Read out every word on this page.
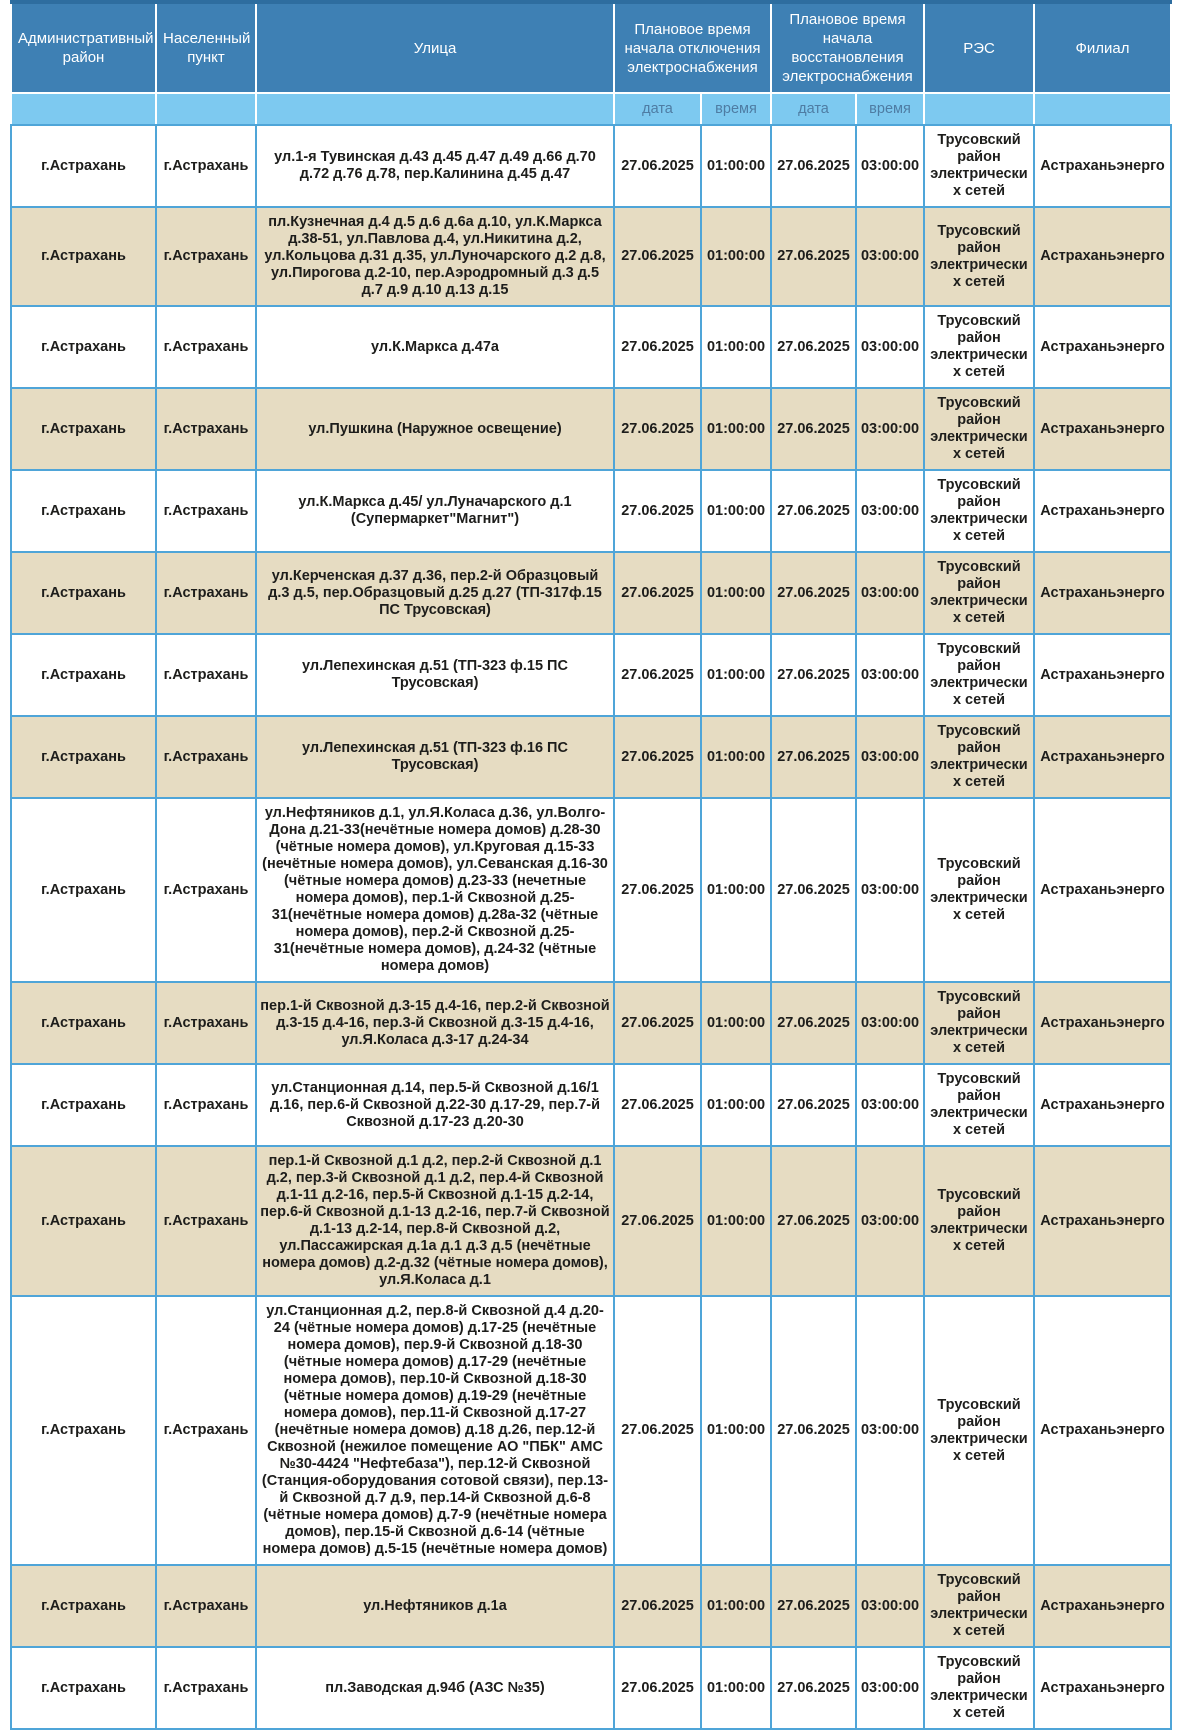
Административный район	Населенный пункт	Улица	Плановое время начала отключения электроснабжения		Плановое время начала восстановления электроснабжения		РЭС	Филиал
			дата	время	дата	время		
г.Астрахань	г.Астрахань	ул.1-я Тувинская д.43 д.45 д.47 д.49 д.66 д.70 д.72 д.76 д.78, пер.Калинина д.45 д.47	27.06.2025	01:00:00	27.06.2025	03:00:00	Трусовский район электрических сетей	Астраханьэнерго
г.Астрахань	г.Астрахань	пл.Кузнечная д.4 д.5 д.6 д.6а д.10, ул.К.Маркса д.38-51, ул.Павлова д.4, ул.Никитина д.2, ул.Кольцова д.31 д.35, ул.Луночарского д.2 д.8, ул.Пирогова д.2-10, пер.Аэродромный д.3 д.5 д.7 д.9 д.10 д.13 д.15	27.06.2025	01:00:00	27.06.2025	03:00:00	Трусовский район электрических сетей	Астраханьэнерго
г.Астрахань	г.Астрахань	ул.К.Маркса д.47а	27.06.2025	01:00:00	27.06.2025	03:00:00	Трусовский район электрических сетей	Астраханьэнерго
г.Астрахань	г.Астрахань	ул.Пушкина (Наружное освещение)	27.06.2025	01:00:00	27.06.2025	03:00:00	Трусовский район электрических сетей	Астраханьэнерго
г.Астрахань	г.Астрахань	ул.К.Маркса д.45/ ул.Луначарского д.1 (Супермаркет"Магнит")	27.06.2025	01:00:00	27.06.2025	03:00:00	Трусовский район электрических сетей	Астраханьэнерго
г.Астрахань	г.Астрахань	ул.Керченская д.37 д.36, пер.2-й Образцовый д.3 д.5, пер.Образцовый д.25 д.27 (ТП-317ф.15 ПС Трусовская)	27.06.2025	01:00:00	27.06.2025	03:00:00	Трусовский район электрических сетей	Астраханьэнерго
г.Астрахань	г.Астрахань	ул.Лепехинская д.51 (ТП-323 ф.15 ПС Трусовская)	27.06.2025	01:00:00	27.06.2025	03:00:00	Трусовский район электрических сетей	Астраханьэнерго
г.Астрахань	г.Астрахань	ул.Лепехинская д.51 (ТП-323 ф.16 ПС Трусовская)	27.06.2025	01:00:00	27.06.2025	03:00:00	Трусовский район электрических сетей	Астраханьэнерго
г.Астрахань	г.Астрахань	ул.Нефтяников д.1, ул.Я.Коласа д.36, ул.Волго-Дона д.21-33(нечётные номера домов) д.28-30 (чётные номера домов), ул.Круговая д.15-33 (нечётные номера домов), ул.Севанская д.16-30 (чётные номера домов) д.23-33 (нечетные номера домов), пер.1-й Сквозной д.25-31(нечётные номера домов) д.28а-32 (чётные номера домов), пер.2-й Сквозной д.25-31(нечётные номера домов), д.24-32 (чётные номера домов)	27.06.2025	01:00:00	27.06.2025	03:00:00	Трусовский район электрических сетей	Астраханьэнерго
г.Астрахань	г.Астрахань	пер.1-й Сквозной д.3-15 д.4-16, пер.2-й Сквозной д.3-15 д.4-16, пер.3-й Сквозной д.3-15 д.4-16, ул.Я.Коласа д.3-17 д.24-34	27.06.2025	01:00:00	27.06.2025	03:00:00	Трусовский район электрических сетей	Астраханьэнерго
г.Астрахань	г.Астрахань	ул.Станционная д.14, пер.5-й Сквозной д.16/1 д.16, пер.6-й Сквозной д.22-30 д.17-29, пер.7-й Сквозной д.17-23 д.20-30	27.06.2025	01:00:00	27.06.2025	03:00:00	Трусовский район электрических сетей	Астраханьэнерго
г.Астрахань	г.Астрахань	пер.1-й Сквозной д.1 д.2, пер.2-й Сквозной д.1 д.2, пер.3-й Сквозной д.1 д.2, пер.4-й Сквозной д.1-11 д.2-16, пер.5-й Сквозной д.1-15 д.2-14, пер.6-й Сквозной д.1-13 д.2-16, пер.7-й Сквозной д.1-13 д.2-14, пер.8-й Сквозной д.2, ул.Пассажирская д.1а д.1 д.3 д.5 (нечётные номера домов) д.2-д.32 (чётные номера домов), ул.Я.Коласа д.1	27.06.2025	01:00:00	27.06.2025	03:00:00	Трусовский район электрических сетей	Астраханьэнерго
г.Астрахань	г.Астрахань	ул.Станционная д.2, пер.8-й Сквозной д.4 д.20-24 (чётные номера домов) д.17-25 (нечётные номера домов), пер.9-й Сквозной д.18-30 (чётные номера домов) д.17-29 (нечётные номера домов), пер.10-й Сквозной д.18-30 (чётные номера домов) д.19-29 (нечётные номера домов), пер.11-й Сквозной д.17-27 (нечётные номера домов) д.18 д.26, пер.12-й Сквозной (нежилое помещение АО "ПБК" АМС №30-4424 "Нефтебаза"), пер.12-й Сквозной (Станция-оборудования сотовой связи), пер.13-й Сквозной д.7 д.9, пер.14-й Сквозной д.6-8 (чётные номера домов) д.7-9 (нечётные номера домов), пер.15-й Сквозной д.6-14 (чётные номера домов) д.5-15 (нечётные номера домов)	27.06.2025	01:00:00	27.06.2025	03:00:00	Трусовский район электрических сетей	Астраханьэнерго
г.Астрахань	г.Астрахань	ул.Нефтяников д.1а	27.06.2025	01:00:00	27.06.2025	03:00:00	Трусовский район электрических сетей	Астраханьэнерго
г.Астрахань	г.Астрахань	пл.Заводская д.94б (АЗС №35)	27.06.2025	01:00:00	27.06.2025	03:00:00	Трусовский район электрических сетей	Астраханьэнерго
